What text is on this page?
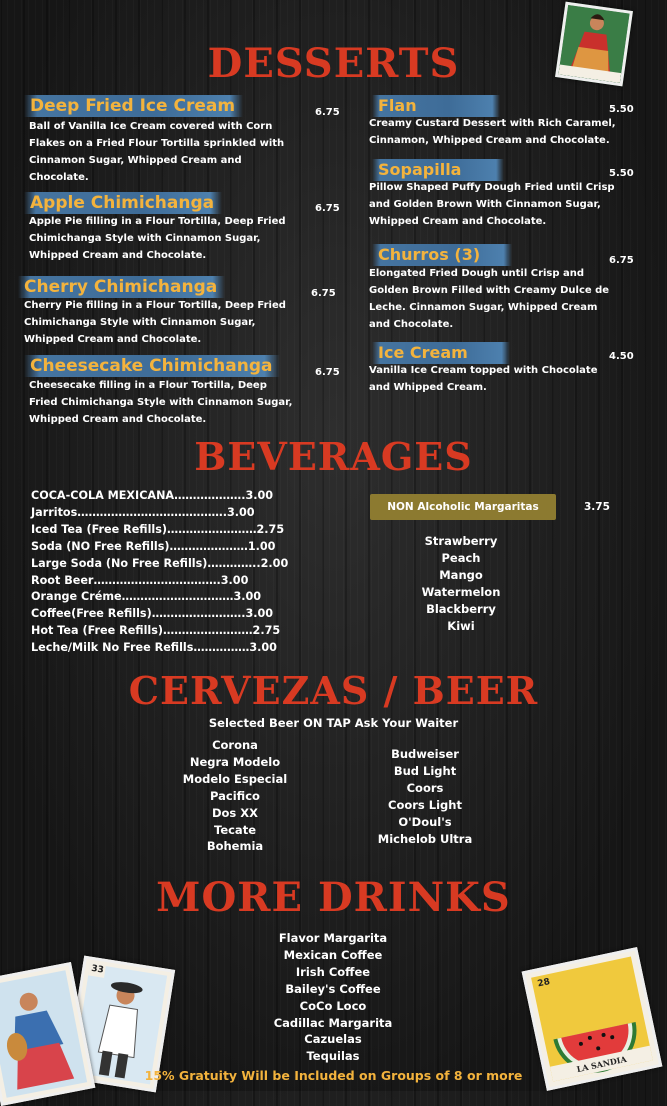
DESSERTS
Deep Fried Ice Cream	6.75
Ball of Vanilla Ice Cream covered with Corn
Flakes on a Fried Flour Tortilla sprinkled with
Cinnamon Sugar, Whipped Cream and
Chocolate.
Apple Chimichanga	6.75
Apple Pie filling in a Flour Tortilla, Deep Fried
Chimichanga Style with Cinnamon Sugar,
Whipped Cream and Chocolate.
Cherry Chimichanga	6.75
Cherry Pie filling in a Flour Tortilla, Deep Fried
Chimichanga Style with Cinnamon Sugar,
Whipped Cream and Chocolate.
Cheesecake Chimichanga	6.75
Cheesecake filling in a Flour Tortilla, Deep
Fried Chimichanga Style with Cinnamon Sugar,
Whipped Cream and Chocolate.
Flan	5.50
Creamy Custard Dessert with Rich Caramel,
Cinnamon, Whipped Cream and Chocolate.
Sopapilla	5.50
Pillow Shaped Puffy Dough Fried until Crisp
and Golden Brown With Cinnamon Sugar,
Whipped Cream and Chocolate.
Churros (3)	6.75
Elongated Fried Dough until Crisp and
Golden Brown Filled with Creamy Dulce de
Leche. Cinnamon Sugar, Whipped Cream
and Chocolate.
Ice Cream	4.50
Vanilla Ice Cream topped with Chocolate
and Whipped Cream.
BEVERAGES
COCA-COLA MEXICANA……………….3.00
Jarritos………………………………….3.00
Iced Tea (Free Refills)……………………2.75
Soda (NO Free Refills)…………………1.00
Large Soda (No Free Refills)…………..2.00
Root Beer…………………………….3.00
Orange Créme…………………………3.00
Coffee(Free Refills)…………………….3.00
Hot Tea (Free Refills)……………………2.75
Leche/Milk No Free Refills……………3.00
NON Alcoholic Margaritas	3.75
Strawberry
Peach
Mango
Watermelon
Blackberry
Kiwi
CERVEZAS / BEER
Selected Beer ON TAP Ask Your Waiter
Corona
Negra Modelo
Modelo Especial
Pacifico
Dos XX
Tecate
Bohemia
Budweiser
Bud Light
Coors
Coors Light
O'Doul's
Michelob Ultra
MORE DRINKS
Flavor Margarita
Mexican Coffee
Irish Coffee
Bailey's Coffee
CoCo Loco
Cadillac Margarita
Cazuelas
Tequilas
33
28
LA SANDIA
15% Gratuity Will be Included on Groups of 8 or more
